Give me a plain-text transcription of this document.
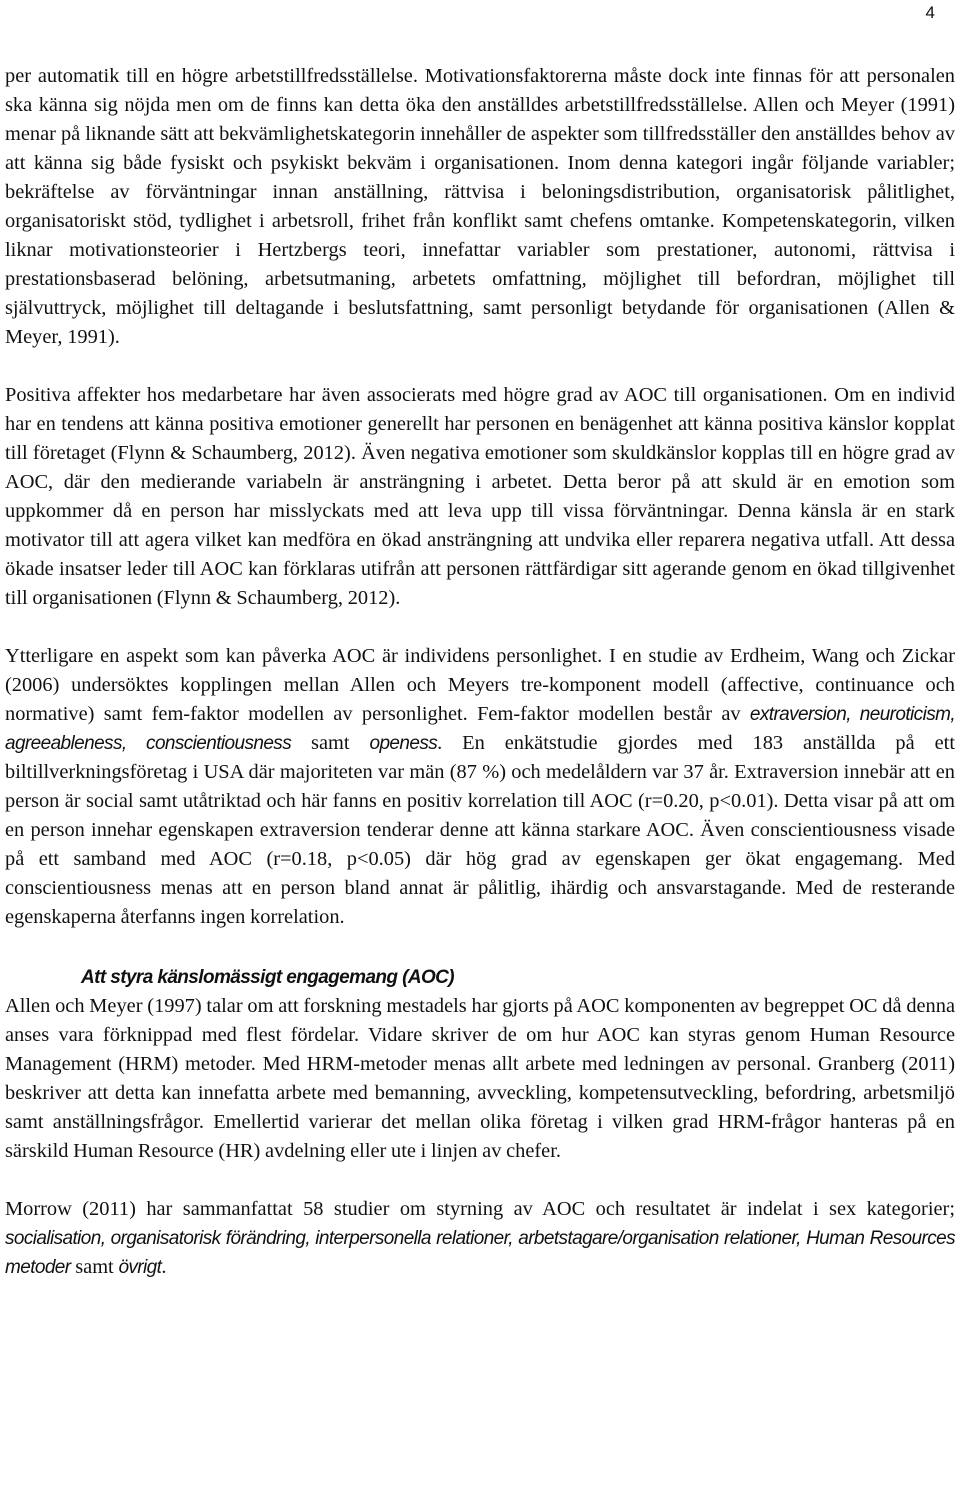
4

per automatik till en högre arbetstillfredsställelse. Motivationsfaktorerna måste dock inte finnas för att personalen ska känna sig nöjda men om de finns kan detta öka den anställdes arbetstillfredsställelse. Allen och Meyer (1991) menar på liknande sätt att bekvämlighetskategorin innehåller de aspekter som tillfredsställer den anställdes behov av att känna sig både fysiskt och psykiskt bekväm i organisationen. Inom denna kategori ingår följande variabler; bekräftelse av förväntningar innan anställning, rättvisa i beloningsdistribution, organisatorisk pålitlighet, organisatoriskt stöd, tydlighet i arbetsroll, frihet från konflikt samt chefens omtanke. Kompetenskategorin, vilken liknar motivationsteorier i Hertzbergs teori, innefattar variabler som prestationer, autonomi, rättvisa i prestationsbaserad belöning, arbetsutmaning, arbetets omfattning, möjlighet till befordran, möjlighet till självuttryck, möjlighet till deltagande i beslutsfattning, samt personligt betydande för organisationen (Allen & Meyer, 1991).

Positiva affekter hos medarbetare har även associerats med högre grad av AOC till organisationen. Om en individ har en tendens att känna positiva emotioner generellt har personen en benägenhet att känna positiva känslor kopplat till företaget (Flynn & Schaumberg, 2012). Även negativa emotioner som skuldkänslor kopplas till en högre grad av AOC, där den medierande variabeln är ansträngning i arbetet. Detta beror på att skuld är en emotion som uppkommer då en person har misslyckats med att leva upp till vissa förväntningar. Denna känsla är en stark motivator till att agera vilket kan medföra en ökad ansträngning att undvika eller reparera negativa utfall. Att dessa ökade insatser leder till AOC kan förklaras utifrån att personen rättfärdigar sitt agerande genom en ökad tillgivenhet till organisationen (Flynn & Schaumberg, 2012).

Ytterligare en aspekt som kan påverka AOC är individens personlighet. I en studie av Erdheim, Wang och Zickar (2006) undersöktes kopplingen mellan Allen och Meyers tre-komponent modell (affective, continuance och normative) samt fem-faktor modellen av personlighet. Fem-faktor modellen består av extraversion, neuroticism, agreeableness, conscientiousness samt openess. En enkätstudie gjordes med 183 anställda på ett biltillverkningsföretag i USA där majoriteten var män (87 %) och medelåldern var 37 år. Extraversion innebär att en person är social samt utåtriktad och här fanns en positiv korrelation till AOC (r=0.20, p<0.01). Detta visar på att om en person innehar egenskapen extraversion tenderar denne att känna starkare AOC. Även conscientiousness visade på ett samband med AOC (r=0.18, p<0.05) där hög grad av egenskapen ger ökat engagemang. Med conscientiousness menas att en person bland annat är pålitlig, ihärdig och ansvarstagande. Med de resterande egenskaperna återfanns ingen korrelation.

Att styra känslomässigt engagemang (AOC)

Allen och Meyer (1997) talar om att forskning mestadels har gjorts på AOC komponenten av begreppet OC då denna anses vara förknippad med flest fördelar. Vidare skriver de om hur AOC kan styras genom Human Resource Management (HRM) metoder. Med HRM-metoder menas allt arbete med ledningen av personal. Granberg (2011) beskriver att detta kan innefatta arbete med bemanning, avveckling, kompetensutveckling, befordring, arbetsmiljö samt anställningsfrågor. Emellertid varierar det mellan olika företag i vilken grad HRM-frågor hanteras på en särskild Human Resource (HR) avdelning eller ute i linjen av chefer.

Morrow (2011) har sammanfattat 58 studier om styrning av AOC och resultatet är indelat i sex kategorier; socialisation, organisatorisk förändring, interpersonella relationer, arbetstagare/organisation relationer, Human Resources metoder samt övrigt.
